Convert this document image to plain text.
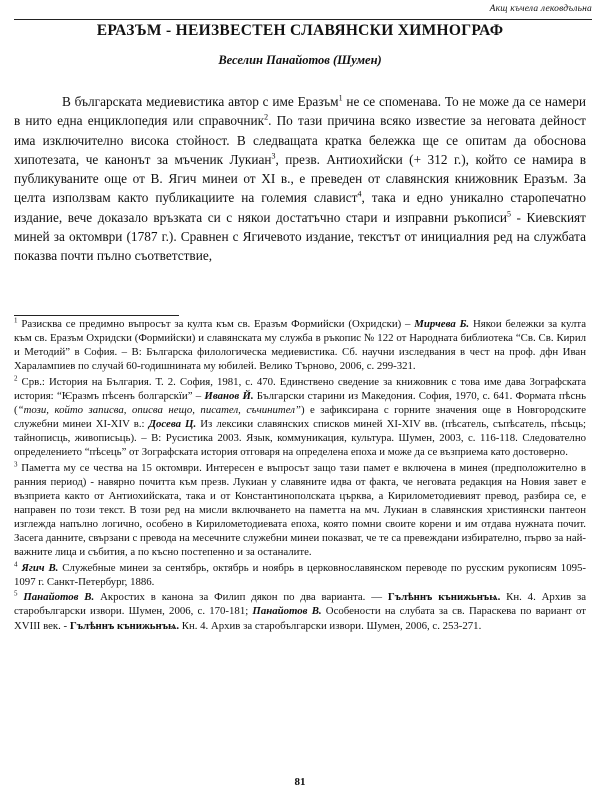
Акщ къчела лековдъльна
ЕРАЗЪМ - НЕИЗВЕСТЕН СЛАВЯНСКИ ХИМНОГРАФ
Веселин Панайотов (Шумен)

В българската медиевистика автор с име Еразъм$^1$ не се споменава. То не може да се намери в нито една енциклопедия или справочник$^2$. По тази причина всяко известие за неговата дейност има изключително висока стойност. В следващата кратка бележка ще се опитам да обосновa хипотезата, че канонът за мъченик Лукиан$^3$, презв. Антиохийски (+ 312 г.), който се намира в публикуваните още от В. Ягич минеи от XI в., е преведен от славянския книжовник Еразъм. За целта използвам както публикациите на големия славист$^4$, така и едно уникално старопечатно издание, вече доказало връзката си с някои достатъчно стари и изправни ръкописи$^5$ - Киевският миней за октомври (1787 г.). Сравнен с Ягичевото издание, текстът от инициалния ред на службата показва почти пълно съответствие,

$^1$ Разисква се предимно въпросът за култа към св. Еразъм Формийски (Охридски) – Мирчева Б. Някои бележки за култа към св. Еразъм Охридски (Формийски) и славянската му служба в ръкопис № 122 от Народната библиотека “Св. Св. Кирил и Методий” в София. – В: Българска филологическа медиевистика. Сб. научни изследвания в чест на проф. дфн Иван Харалампиев по случай 60-годишнината му юбилей. Велико Търново, 2006, с. 299-321.
$^2$ Срв.: История на България. Т. 2. София, 1981, с. 470. Единствено сведение за книжовник с това име дава Зографската история: “Ѥразмъ пѣсенъ болгарскїи” – Иванов Й. Български старини из Македония. София, 1970, с. 641. Формата пѣснь (“този, който записва, описва нещо, писател, съчинител”) е зафиксирана с горните значения още в Новгородските служебни минеи XI-XIV в.: Досева Ц. Из лексики славянских списков миней XI-XIV вв. (пѣсатель, съпѣсатель, пѣсьць; тайнописць, живописьць). – В: Русистика 2003. Язык, коммуникация, культура. Шумен, 2003, с. 116-118. Следователно определението “пѣсець” от Зографската история отговаря на определена епоха и може да се възприема като достоверно.
$^3$ Паметта му се чества на 15 октомври. Интересен е въпросът защо тази памет е включена в минея (предположително в ранния период) - навярно почитта към презв. Лукиан у славяните идва от факта, че неговата редакция на Новия завет е възприета както от Антиохийската, така и от Константинополската църква, а Кирилометодиевият превод, разбира се, е направен по този текст. В този ред на мисли включването на паметта на мч. Лукиан в славянския християнски пантеон изглежда напълно логично, особено в Кирилометодиевата епоха, която помни своите корени и им отдава нужната почит. Засега данните, свързани с превода на месечните служебни минеи показват, че те са превеждани избирателно, първо за най-важните лица и събития, а по късно постепенно и за останалите.
$^4$ Ягич В. Служебные минеи за сентябрь, октябрь и ноябрь в церковнославянском переводе по русским рукописям 1095-1097 г. Санкт-Петербург, 1886.
$^5$ Панайотов В. Акростих в канона за Филип дякон по два варианта. — Гълѣннъ кънижьнъѩ. Кн. 4. Архив за старобългарски извори. Шумен, 2006, с. 170-181; Панайотов В. Особености на слубата за св. Параскева по вариант от XVIII век. - Гълѣннъ кънижьнъѩ. Кн. 4. Архив за старобългарски извори. Шумен, 2006, с. 253-271.
81
